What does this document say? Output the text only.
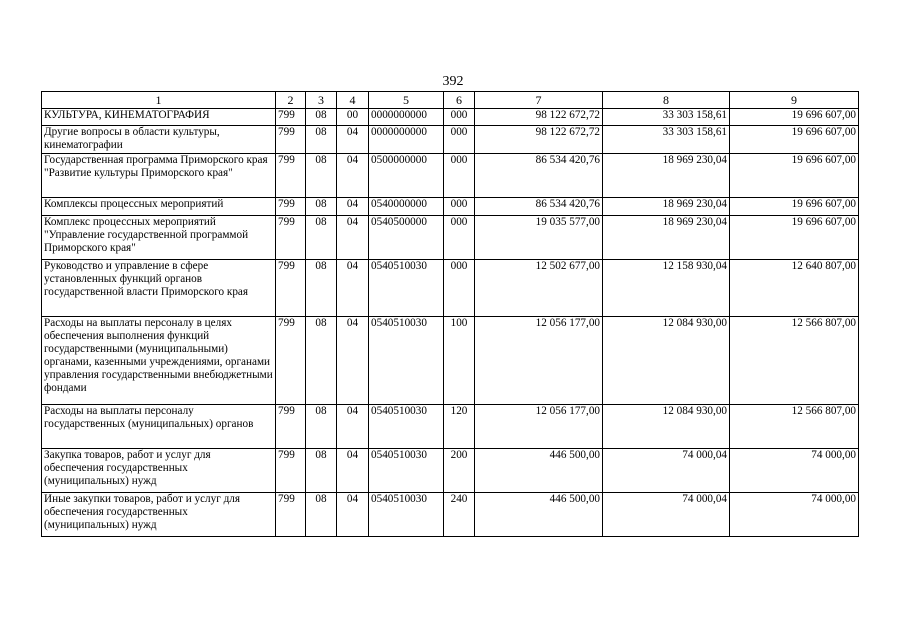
392
1	2	3	4	5	6	7	8	9
КУЛЬТУРА, КИНЕМАТОГРАФИЯ	799	08	00	0000000000	000	98 122 672,72	33 303 158,61	19 696 607,00
Другие вопросы в области культуры, кинематографии	799	08	04	0000000000	000	98 122 672,72	33 303 158,61	19 696 607,00
Государственная программа Приморского края "Развитие культуры Приморского края"	799	08	04	0500000000	000	86 534 420,76	18 969 230,04	19 696 607,00
Комплексы процессных мероприятий	799	08	04	0540000000	000	86 534 420,76	18 969 230,04	19 696 607,00
Комплекс процессных мероприятий "Управление государственной программой Приморского края"	799	08	04	0540500000	000	19 035 577,00	18 969 230,04	19 696 607,00
Руководство и управление в сфере установленных функций органов государственной власти Приморского края	799	08	04	0540510030	000	12 502 677,00	12 158 930,04	12 640 807,00
Расходы на выплаты персоналу в целях обеспечения выполнения функций государственными (муниципальными) органами, казенными учреждениями, органами управления государственными внебюджетными фондами	799	08	04	0540510030	100	12 056 177,00	12 084 930,00	12 566 807,00
Расходы на выплаты персоналу государственных (муниципальных) органов	799	08	04	0540510030	120	12 056 177,00	12 084 930,00	12 566 807,00
Закупка товаров, работ и услуг для обеспечения государственных (муниципальных) нужд	799	08	04	0540510030	200	446 500,00	74 000,04	74 000,00
Иные закупки товаров, работ и услуг для обеспечения государственных (муниципальных) нужд	799	08	04	0540510030	240	446 500,00	74 000,04	74 000,00
